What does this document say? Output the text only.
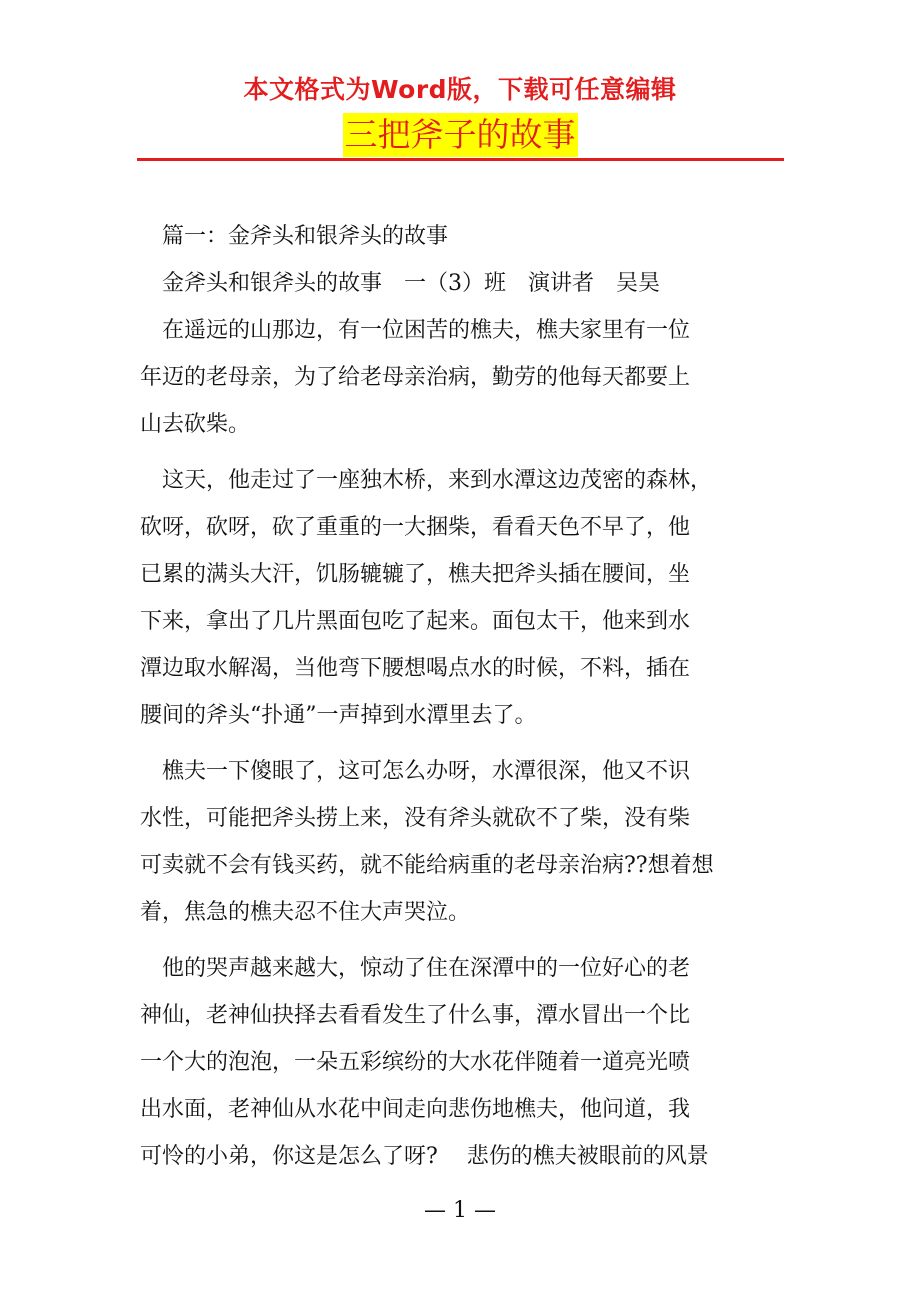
本文格式为Word版，下载可任意编辑
三把斧子的故事
　篇一：金斧头和银斧头的故事
　金斧头和银斧头的故事　一（3）班　演讲者　吴昊
　在遥远的山那边，有一位困苦的樵夫，樵夫家里有一位
年迈的老母亲，为了给老母亲治病，勤劳的他每天都要上
山去砍柴。
　这天，他走过了一座独木桥，来到水潭这边茂密的森林，
砍呀，砍呀，砍了重重的一大捆柴，看看天色不早了，他
已累的满头大汗，饥肠辘辘了，樵夫把斧头插在腰间，坐
下来，拿出了几片黑面包吃了起来。面包太干，他来到水
潭边取水解渴，当他弯下腰想喝点水的时候，不料，插在
腰间的斧头“扑通”一声掉到水潭里去了。
　樵夫一下傻眼了，这可怎么办呀，水潭很深，他又不识
水性，可能把斧头捞上来，没有斧头就砍不了柴，没有柴
可卖就不会有钱买药，就不能给病重的老母亲治病??想着想
着，焦急的樵夫忍不住大声哭泣。
　他的哭声越来越大，惊动了住在深潭中的一位好心的老
神仙，老神仙抉择去看看发生了什么事，潭水冒出一个比
一个大的泡泡，一朵五彩缤纷的大水花伴随着一道亮光喷
出水面，老神仙从水花中间走向悲伤地樵夫，他问道，我
可怜的小弟，你这是怎么了呀?　 悲伤的樵夫被眼前的风景
— 1 —
